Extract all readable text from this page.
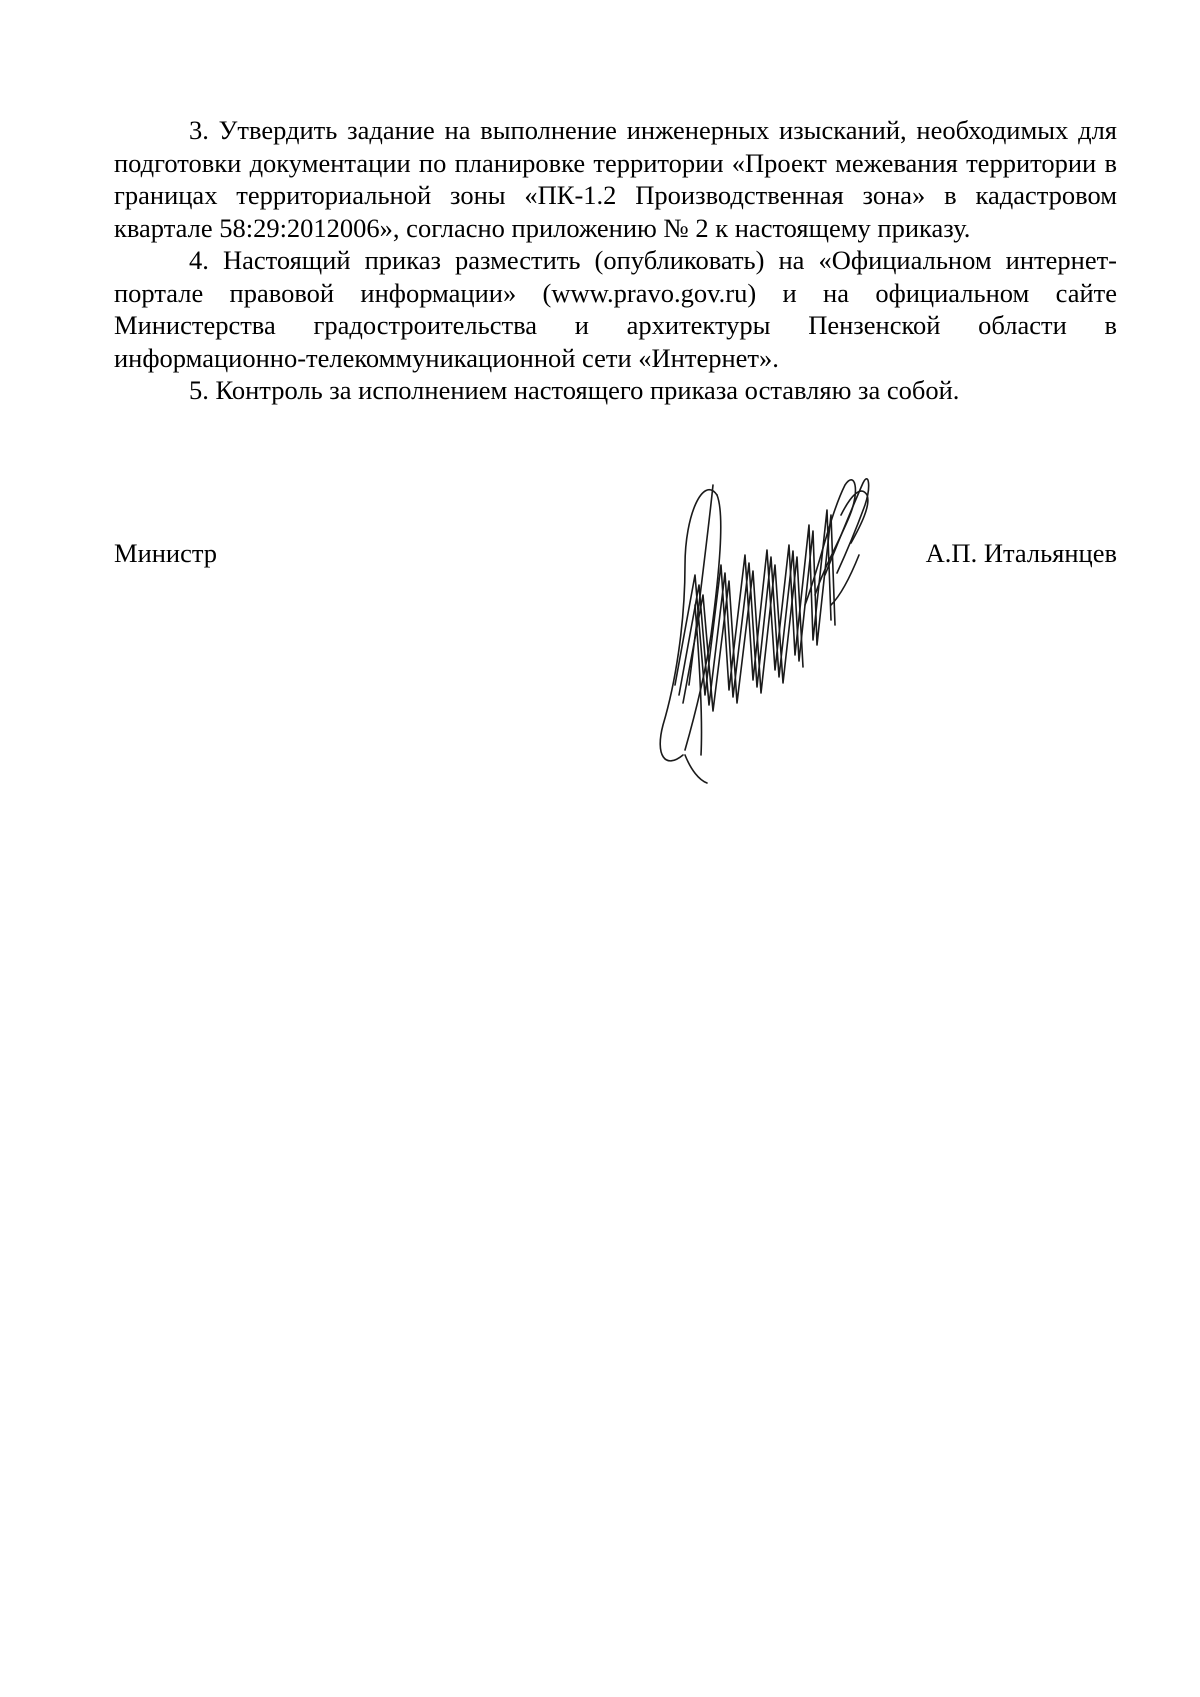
3. Утвердить задание на выполнение инженерных изысканий, необходимых для подготовки документации по планировке территории «Проект межевания территории в границах территориальной зоны «ПК-1.2 Производственная зона» в кадастровом квартале 58:29:2012006», согласно приложению № 2 к настоящему приказу.

4. Настоящий приказ разместить (опубликовать) на «Официальном интернет-портале правовой информации» (www.pravo.gov.ru) и на официальном сайте Министерства градостроительства и архитектуры Пензенской области в информационно-телекоммуникационной сети «Интернет».

5. Контроль за исполнением настоящего приказа оставляю за собой.

Министр	А.П. Итальянцев
